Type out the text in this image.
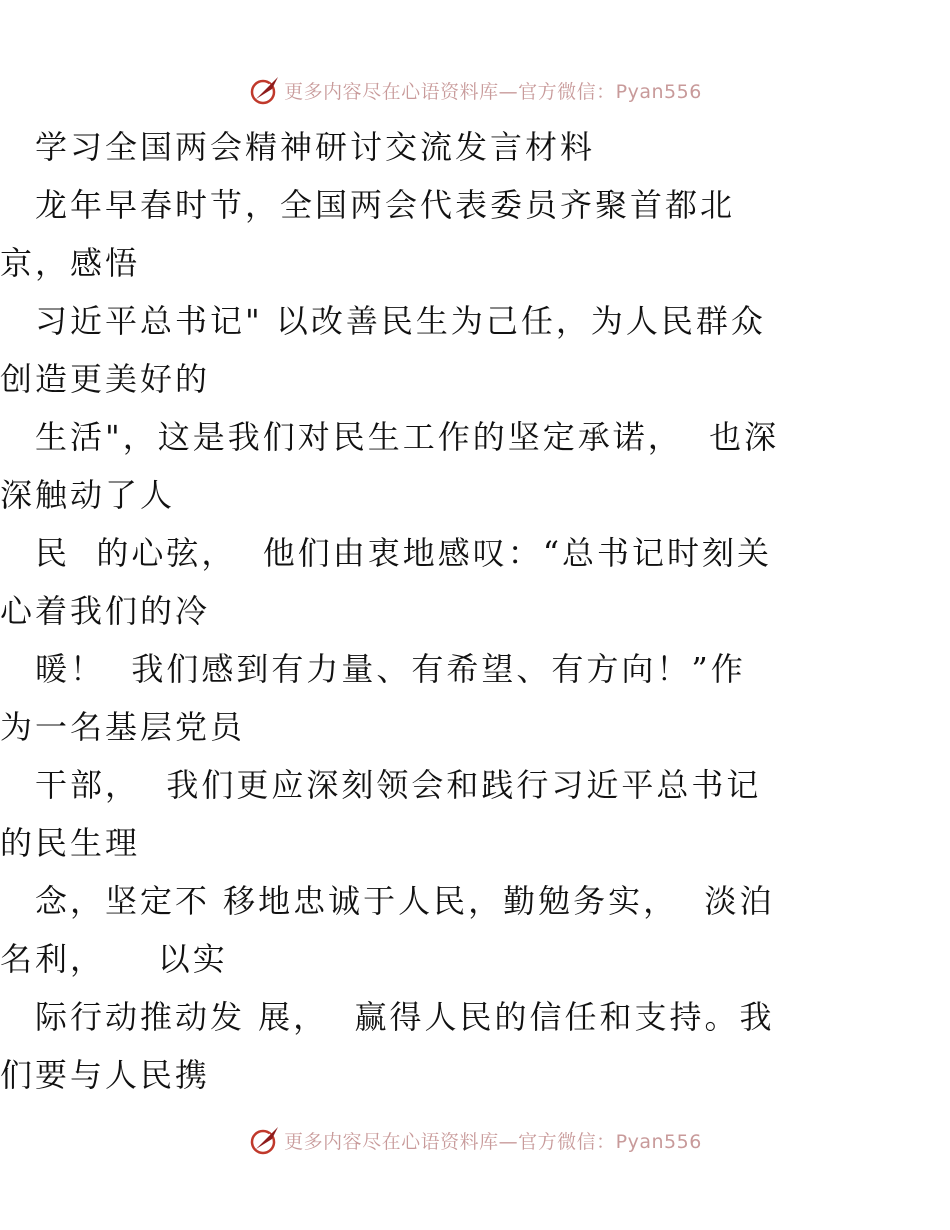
更多内容尽在心语资料库—官方微信：Pyan556
　学习全国两会精神研讨交流发言材料
　龙年早春时节，全国两会代表委员齐聚首都北
京，感悟
　习近平总书记" 以改善民生为己任，为人民群众
创造更美好的
　生活"，这是我们对民生工作的坚定承诺，  也深
深触动了人
　民  的心弦，  他们由衷地感叹：“总书记时刻关
心着我们的冷
　暖！  我们感到有力量、有希望、有方向！”作
为一名基层党员
　干部，  我们更应深刻领会和践行习近平总书记
的民生理
　念，坚定不 移地忠诚于人民，勤勉务实，  淡泊
名利，    以实
　际行动推动发 展，  赢得人民的信任和支持。我
们要与人民携
更多内容尽在心语资料库—官方微信：Pyan556
